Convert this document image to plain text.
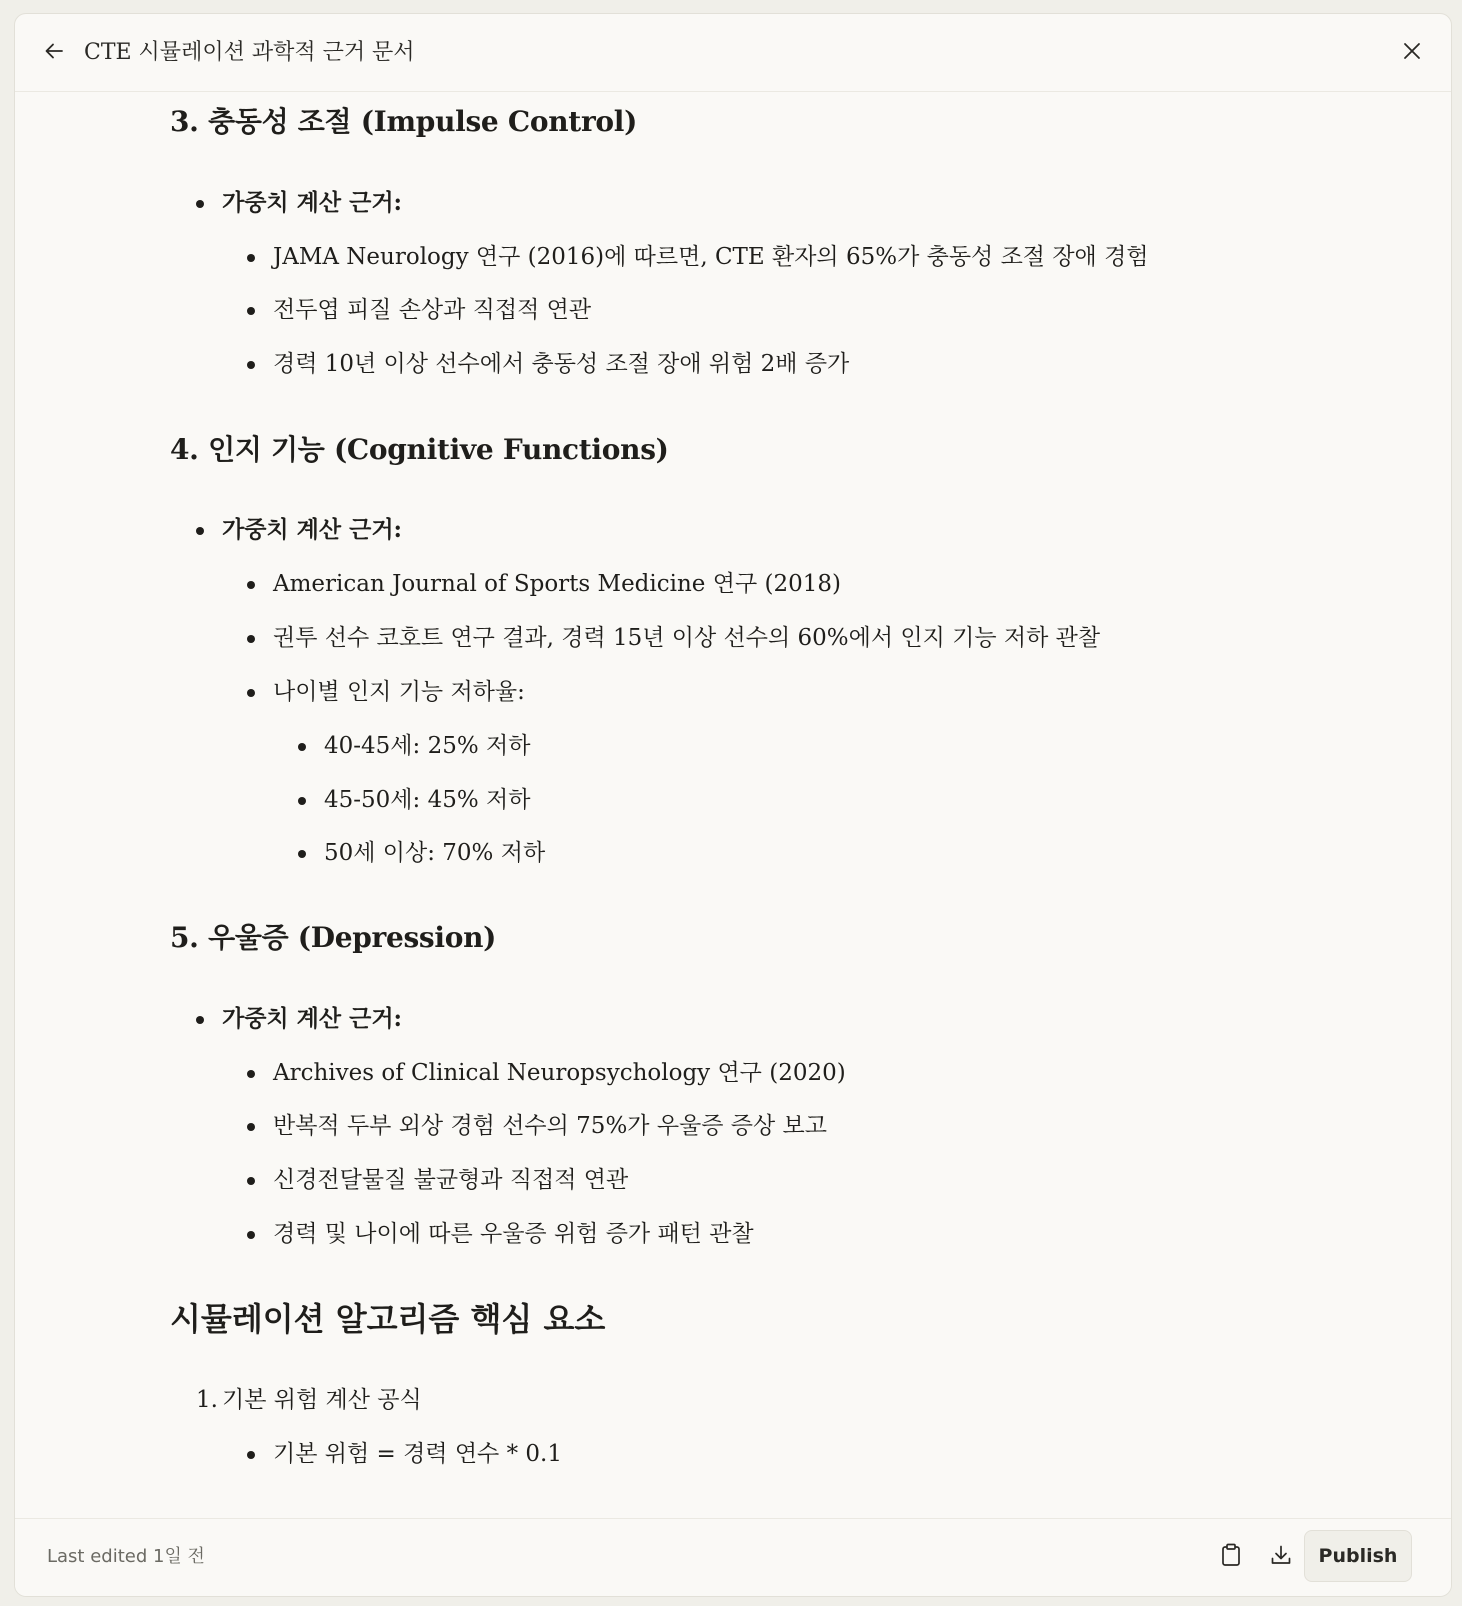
CTE 시뮬레이션 과학적 근거 문서
3. 충동성 조절 (Impulse Control)
가중치 계산 근거:
JAMA Neurology 연구 (2016)에 따르면, CTE 환자의 65%가 충동성 조절 장애 경험
전두엽 피질 손상과 직접적 연관
경력 10년 이상 선수에서 충동성 조절 장애 위험 2배 증가
4. 인지 기능 (Cognitive Functions)
가중치 계산 근거:
American Journal of Sports Medicine 연구 (2018)
권투 선수 코호트 연구 결과, 경력 15년 이상 선수의 60%에서 인지 기능 저하 관찰
나이별 인지 기능 저하율:
40-45세: 25% 저하
45-50세: 45% 저하
50세 이상: 70% 저하
5. 우울증 (Depression)
가중치 계산 근거:
Archives of Clinical Neuropsychology 연구 (2020)
반복적 두부 외상 경험 선수의 75%가 우울증 증상 보고
신경전달물질 불균형과 직접적 연관
경력 및 나이에 따른 우울증 위험 증가 패턴 관찰
시뮬레이션 알고리즘 핵심 요소
1. 기본 위험 계산 공식
기본 위험 = 경력 연수 * 0.1
Last edited 1일 전	Publish
